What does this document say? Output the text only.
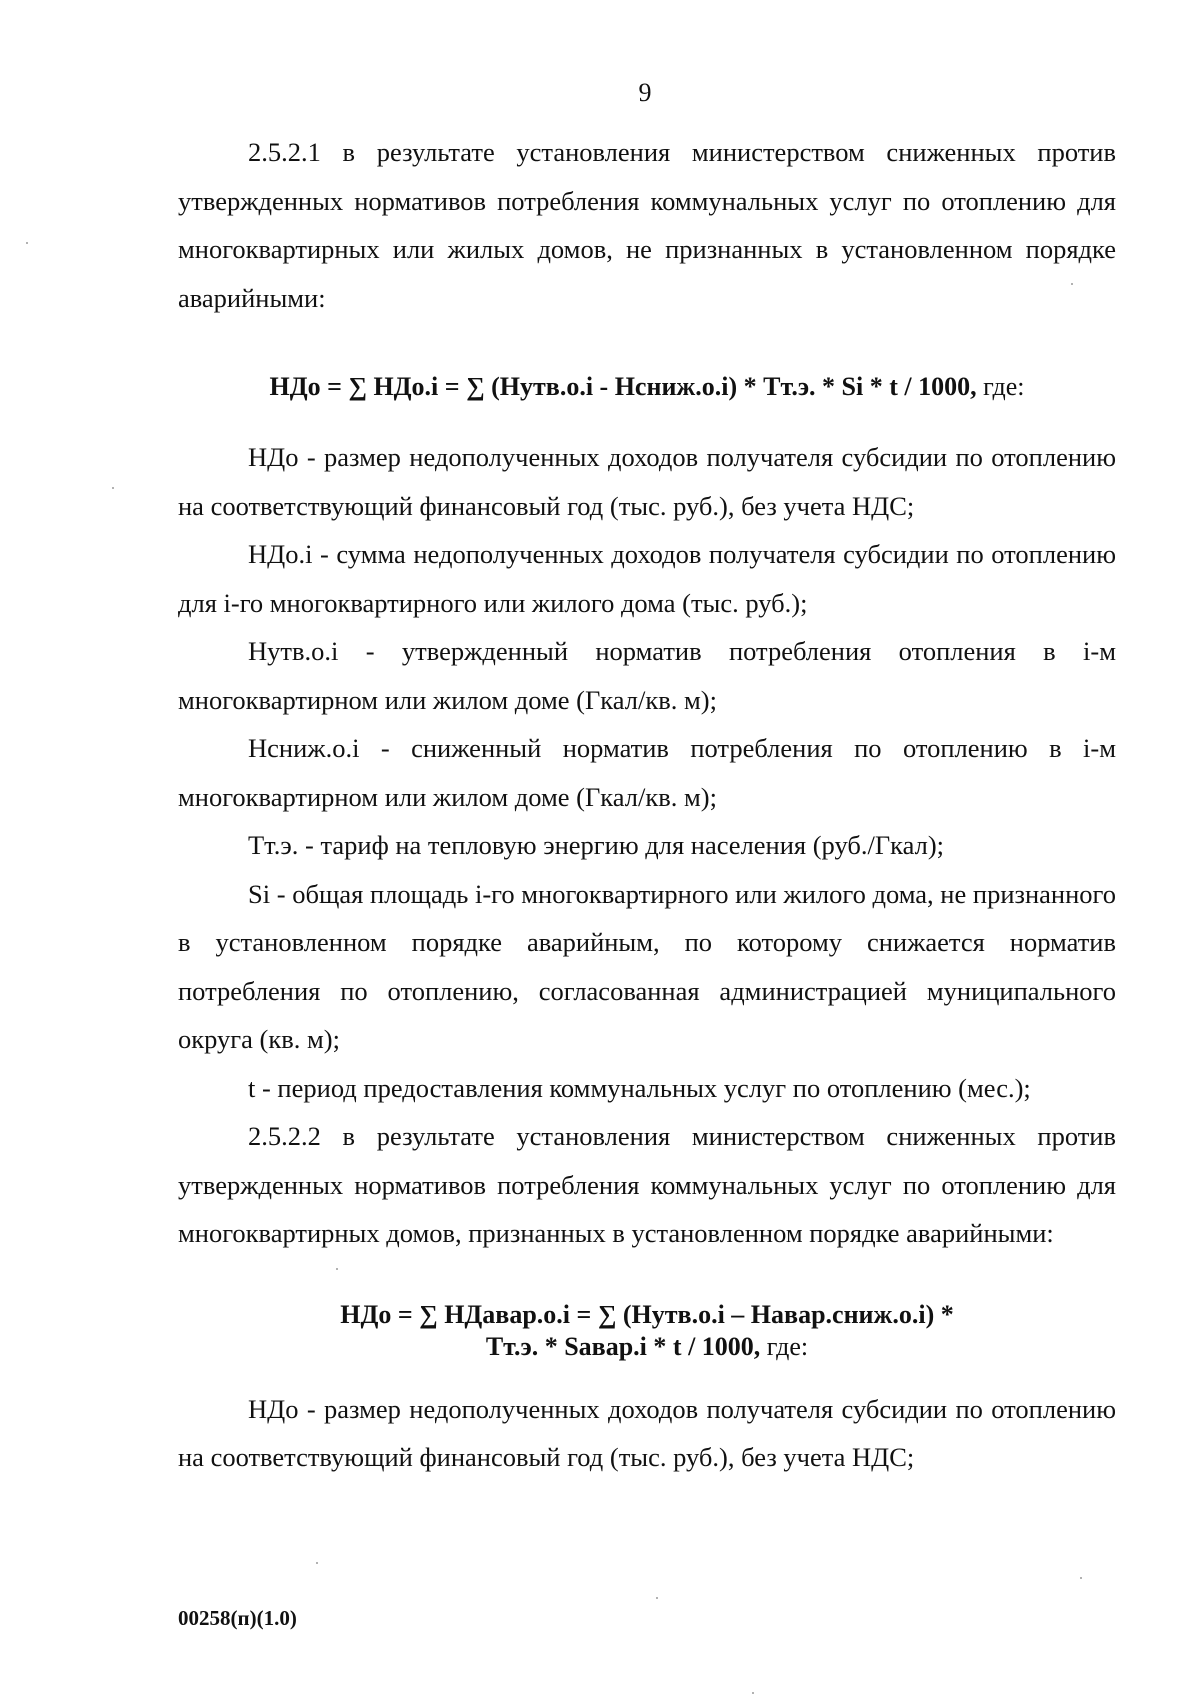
9

2.5.2.1 в результате установления министерством сниженных против утвержденных нормативов потребления коммунальных услуг по отоплению для многоквартирных или жилых домов, не признанных в установленном порядке аварийными:

НДо = ∑ НДо.i = ∑ (Нутв.о.i - Нсниж.о.i) * Тт.э. * Si * t / 1000, где:

НДо - размер недополученных доходов получателя субсидии по отоплению на соответствующий финансовый год (тыс. руб.), без учета НДС;

НДо.i - сумма недополученных доходов получателя субсидии по отоплению для i-го многоквартирного или жилого дома (тыс. руб.);

Нутв.о.i - утвержденный норматив потребления отопления в i-м многоквартирном или жилом доме (Гкал/кв. м);

Нсниж.о.i - сниженный норматив потребления по отоплению в i-м многоквартирном или жилом доме (Гкал/кв. м);

Тт.э. - тариф на тепловую энергию для населения (руб./Гкал);

Si - общая площадь i-го многоквартирного или жилого дома, не признанного в установленном порядке аварийным, по которому снижается норматив потребления по отоплению, согласованная администрацией муниципального округа (кв. м);

t - период предоставления коммунальных услуг по отоплению (мес.);

2.5.2.2 в результате установления министерством сниженных против утвержденных нормативов потребления коммунальных услуг по отоплению для многоквартирных домов, признанных в установленном порядке аварийными:

НДо = ∑ НДавар.о.i = ∑ (Нутв.о.i – Навар.сниж.о.i) *
Тт.э. * Sавар.i * t / 1000, где:

НДо - размер недополученных доходов получателя субсидии по отоплению на соответствующий финансовый год (тыс. руб.), без учета НДС;

00258(п)(1.0)
